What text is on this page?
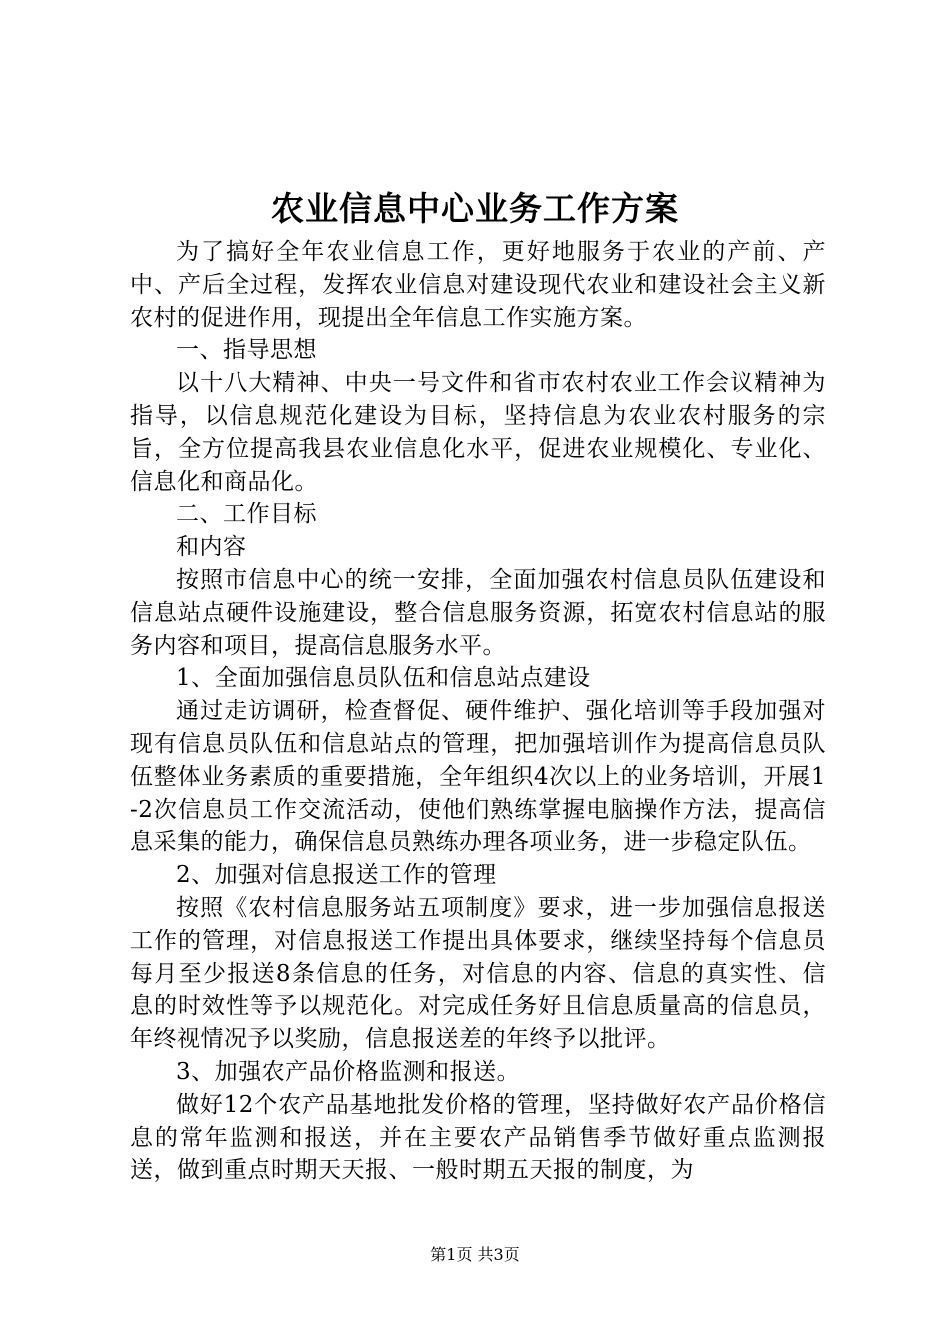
农业信息中心业务工作方案

为了搞好全年农业信息工作，更好地服务于农业的产前、产中、产后全过程，发挥农业信息对建设现代农业和建设社会主义新农村的促进作用，现提出全年信息工作实施方案。

一、指导思想

以十八大精神、中央一号文件和省市农村农业工作会议精神为指导，以信息规范化建设为目标，坚持信息为农业农村服务的宗旨，全方位提高我县农业信息化水平，促进农业规模化、专业化、信息化和商品化。

二、工作目标

和内容

按照市信息中心的统一安排，全面加强农村信息员队伍建设和信息站点硬件设施建设，整合信息服务资源，拓宽农村信息站的服务内容和项目，提高信息服务水平。

1、全面加强信息员队伍和信息站点建设

通过走访调研，检查督促、硬件维护、强化培训等手段加强对现有信息员队伍和信息站点的管理，把加强培训作为提高信息员队伍整体业务素质的重要措施，全年组织4次以上的业务培训，开展1-2次信息员工作交流活动，使他们熟练掌握电脑操作方法，提高信息采集的能力，确保信息员熟练办理各项业务，进一步稳定队伍。

2、加强对信息报送工作的管理

按照《农村信息服务站五项制度》要求，进一步加强信息报送工作的管理，对信息报送工作提出具体要求，继续坚持每个信息员每月至少报送8条信息的任务，对信息的内容、信息的真实性、信息的时效性等予以规范化。对完成任务好且信息质量高的信息员，年终视情况予以奖励，信息报送差的年终予以批评。

3、加强农产品价格监测和报送。

做好12个农产品基地批发价格的管理，坚持做好农产品价格信息的常年监测和报送，并在主要农产品销售季节做好重点监测报送，做到重点时期天天报、一般时期五天报的制度，为

第1页 共3页
